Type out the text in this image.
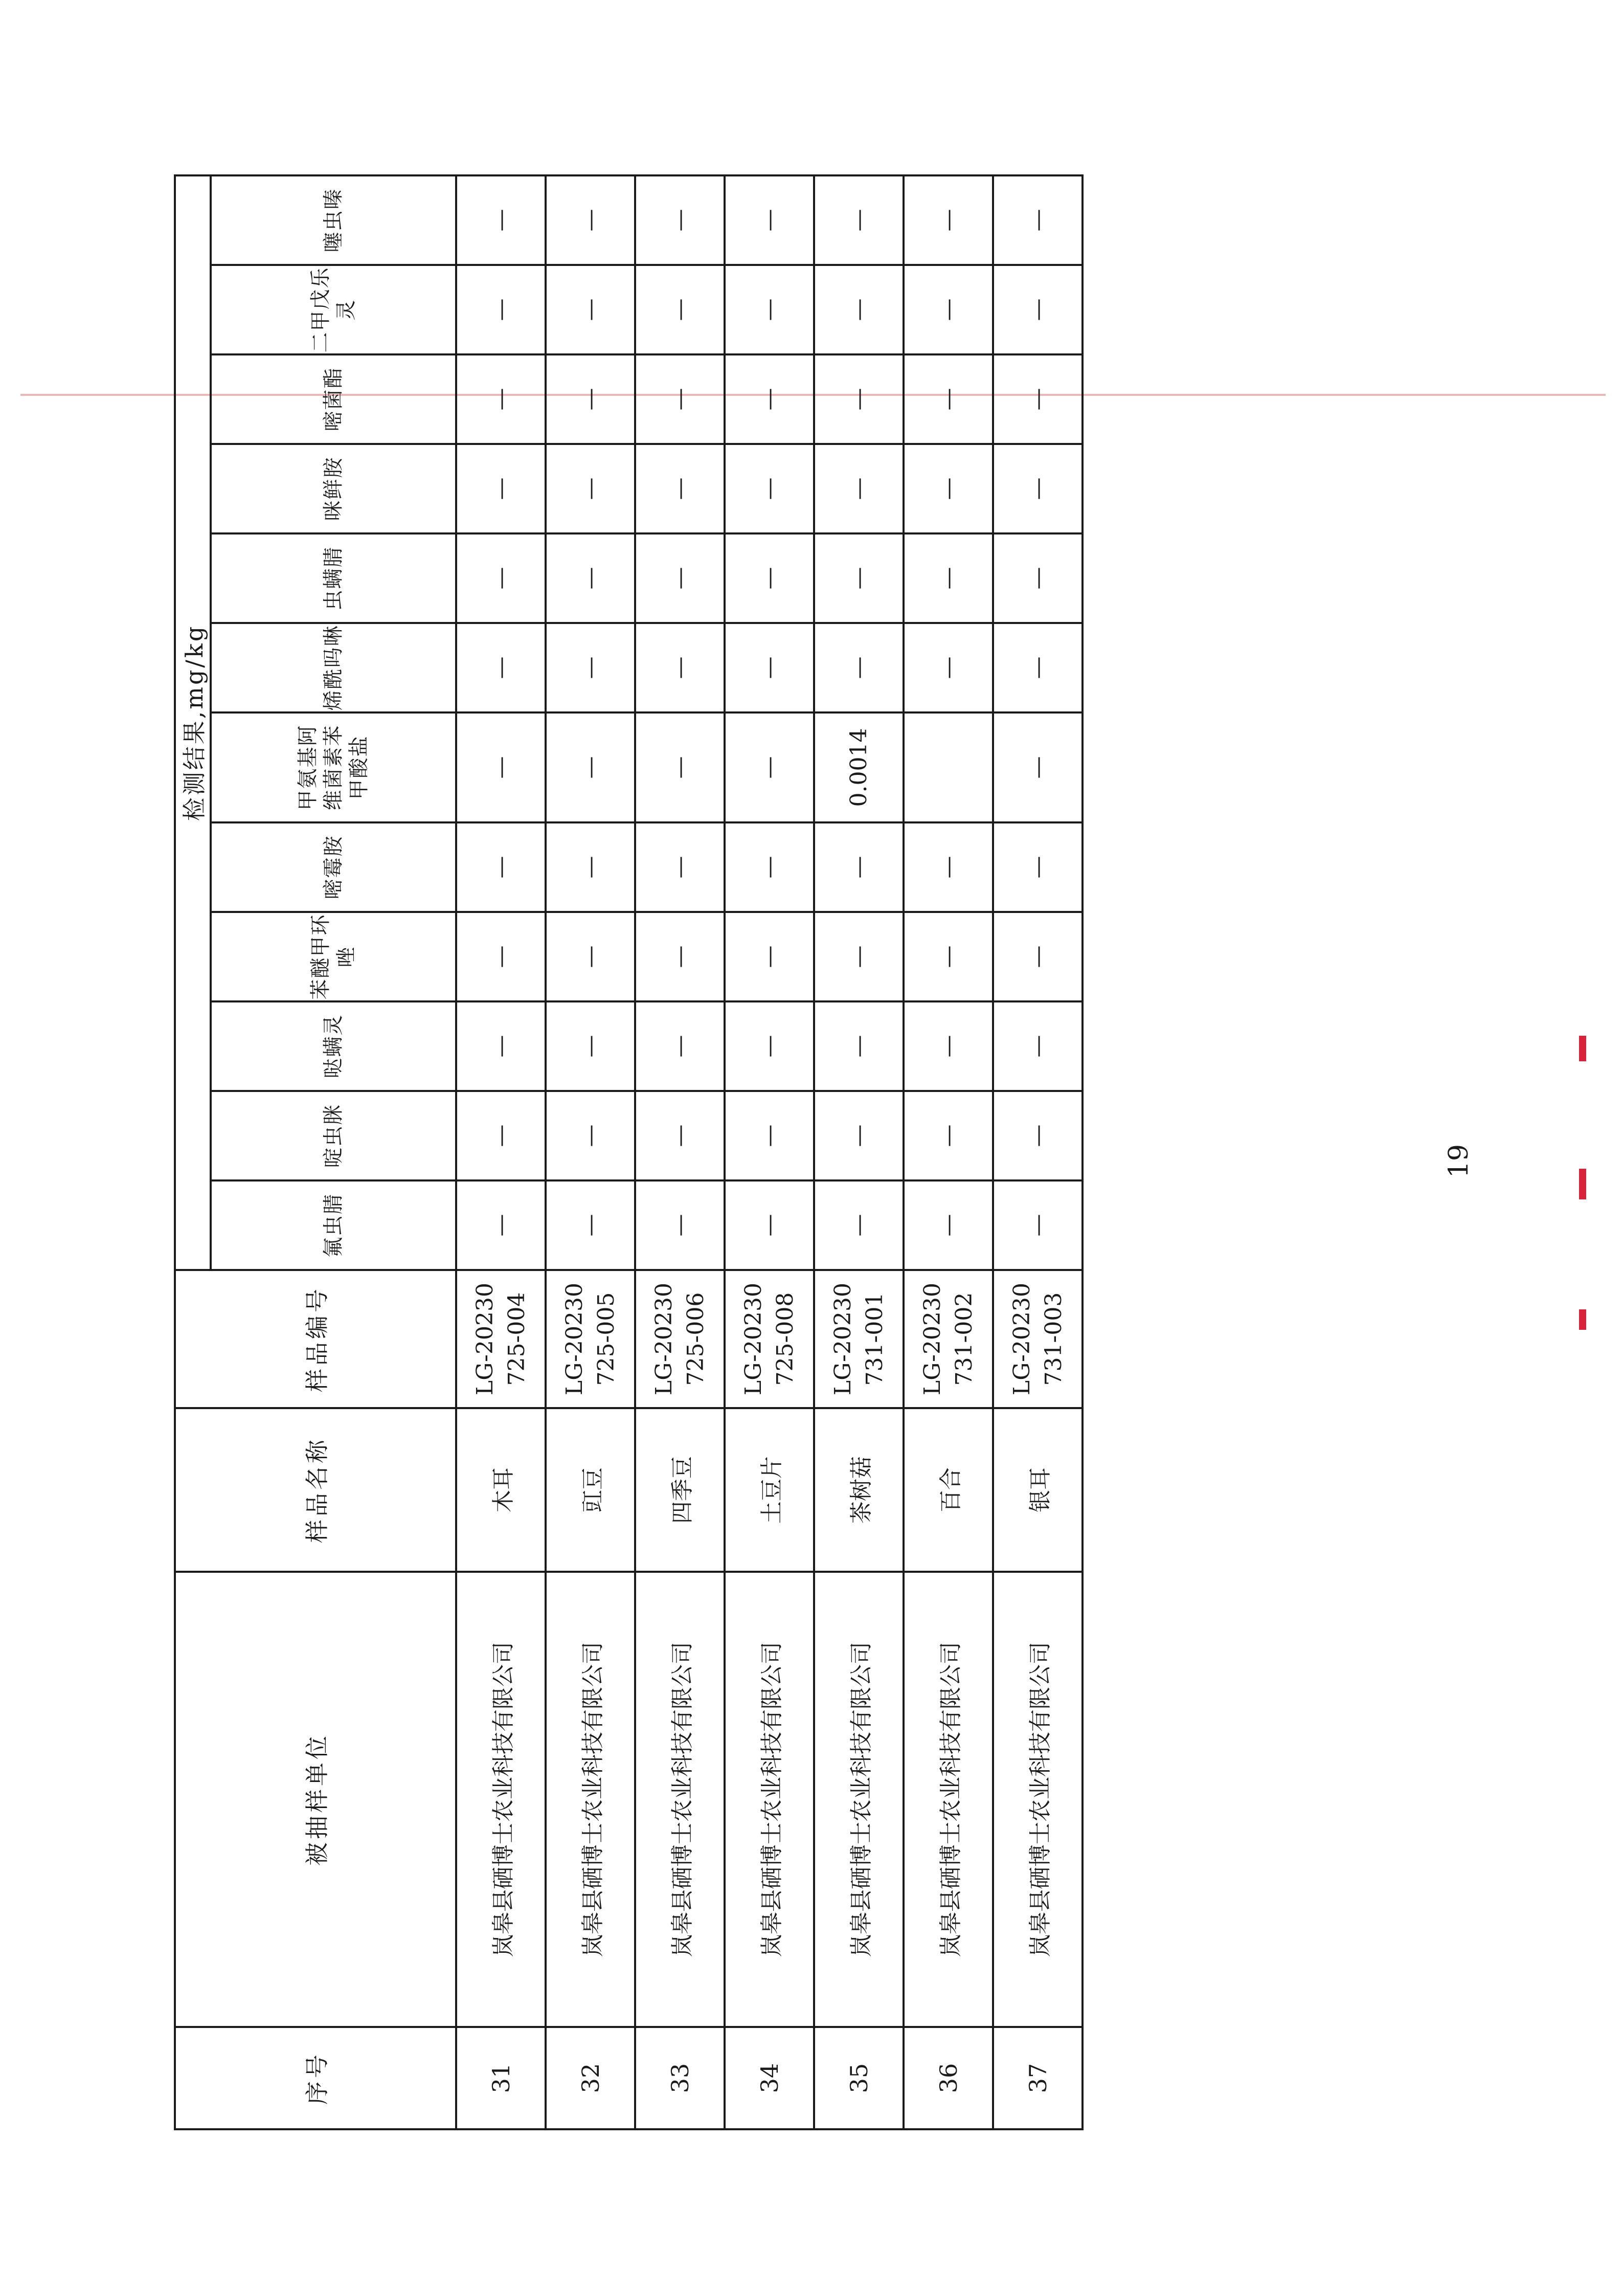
序号	被抽样单位	样品名称	样品编号	检测结果,mg/kg											
				氟虫腈	啶虫脒	哒螨灵	苯醚甲环唑	嘧霉胺	甲氨基阿维菌素苯甲酸盐	烯酰吗啉	虫螨腈	咪鲜胺	嘧菌酯	二甲戊乐灵	噻虫嗪
31	岚皋县硒博士农业科技有限公司	木耳	LG-20230 725-004	—	—	—	—	—	—	—	—	—	—	—	—
32	岚皋县硒博士农业科技有限公司	豇豆	LG-20230 725-005	—	—	—	—	—	—	—	—	—	—	—	—
33	岚皋县硒博士农业科技有限公司	四季豆	LG-20230 725-006	—	—	—	—	—	—	—	—	—	—	—	—
34	岚皋县硒博士农业科技有限公司	土豆片	LG-20230 725-008	—	—	—	—	—	—	—	—	—	—	—	—
35	岚皋县硒博士农业科技有限公司	茶树菇	LG-20230 731-001	—	—	—	—	—	0.0014	—	—	—	—	—	—
36	岚皋县硒博士农业科技有限公司	百合	LG-20230 731-002	—	—	—	—	—		—	—	—	—	—	—
37	岚皋县硒博士农业科技有限公司	银耳	LG-20230 731-003	—	—	—	—	—	—	—	—	—	—	—	—
19
